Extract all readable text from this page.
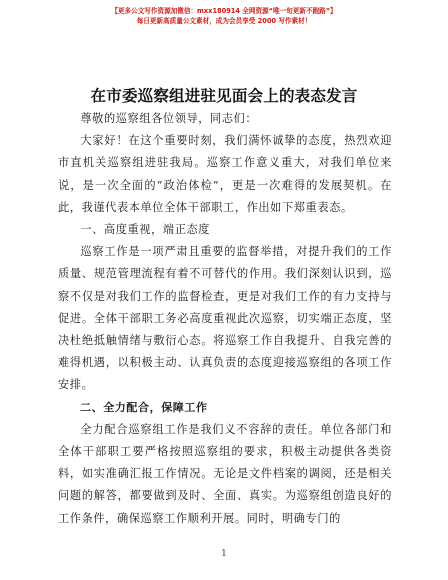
【更多公文写作资源加微信：mxx180914 全网资源“唯一旬更新不跑路”】
每日更新高质量公文素材，成为会员享受 2000 写作素材！
在市委巡察组进驻见面会上的表态发言

尊敬的巡察组各位领导，同志们：

大家好！在这个重要时刻，我们满怀诚挚的态度，热烈欢迎市直机关巡察组进驻我局。巡察工作意义重大，对我们单位来说，是一次全面的“政治体检”，更是一次难得的发展契机。在此，我谨代表本单位全体干部职工，作出如下郑重表态。

一、高度重视，端正态度

巡察工作是一项严肃且重要的监督举措，对提升我们的工作质量、规范管理流程有着不可替代的作用。我们深刻认识到，巡察不仅是对我们工作的监督检查，更是对我们工作的有力支持与促进。全体干部职工务必高度重视此次巡察，切实端正态度，坚决杜绝抵触情绪与敷衍心态。将巡察工作自我提升、自我完善的难得机遇，以积极主动、认真负责的态度迎接巡察组的各项工作安排。

二、全力配合，保障工作

全力配合巡察组工作是我们义不容辞的责任。单位各部门和全体干部职工要严格按照巡察组的要求，积极主动提供各类资料，如实准确汇报工作情况。无论是文件档案的调阅，还是相关问题的解答，都要做到及时、全面、真实。为巡察组创造良好的工作条件，确保巡察工作顺利开展。同时，明确专门的

1
